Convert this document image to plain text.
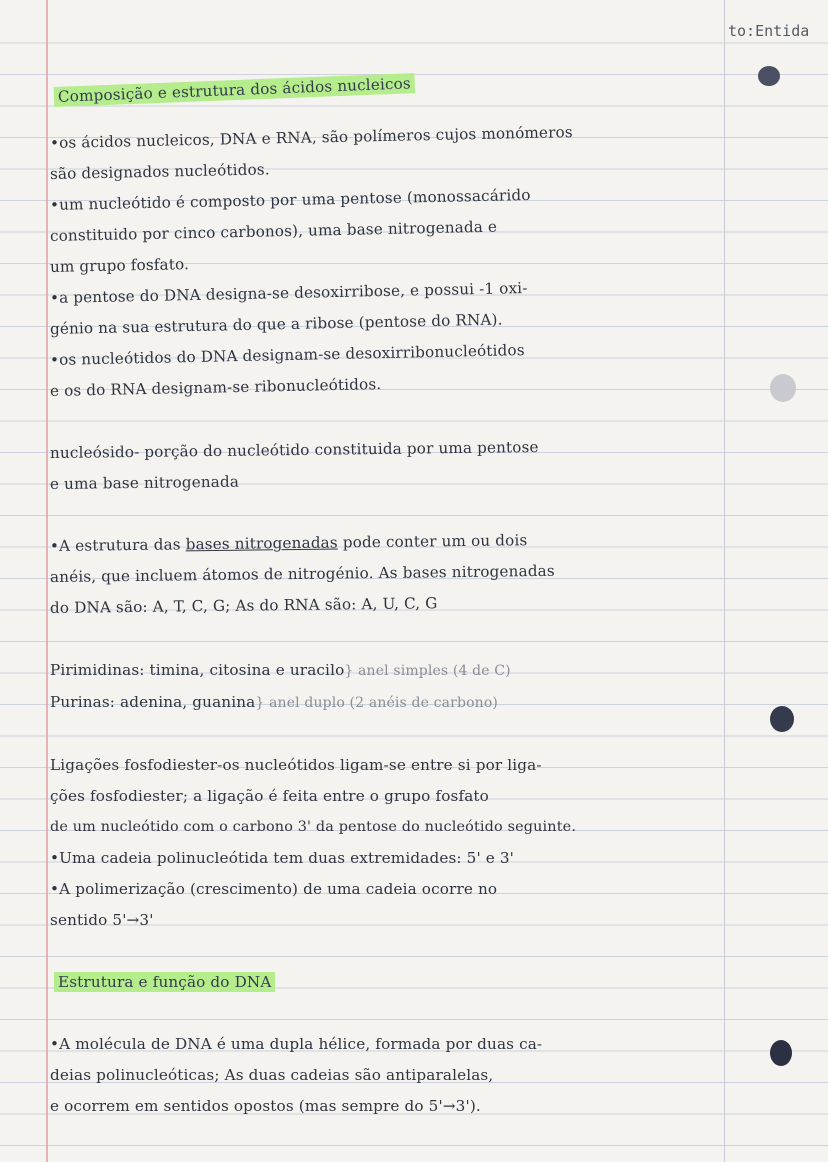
to:Entida
Composição e estrutura dos ácidos nucleicos
•os ácidos nucleicos, DNA e RNA, são polímeros cujos monómeros
são designados nucleótidos.
•um nucleótido é composto por uma pentose (monossacárido
constituido por cinco carbonos), uma base nitrogenada e
um grupo fosfato.
•a pentose do DNA designa-se desoxirribose, e possui -1 oxi-
génio na sua estrutura do que a ribose (pentose do RNA).
•os nucleótidos do DNA designam-se desoxirribonucleótidos
e os do RNA designam-se ribonucleótidos.
nucleósido- porção do nucleótido constituida por uma pentose
e uma base nitrogenada
•A estrutura das bases nitrogenadas pode conter um ou dois
anéis, que incluem átomos de nitrogénio. As bases nitrogenadas
do DNA são: A, T, C, G; As do RNA são: A, U, C, G
Pirimidinas: timina, citosina e uracilo} anel simples (4 de C)
Purinas: adenina, guanina} anel duplo (2 anéis de carbono)
Ligações fosfodiester-os nucleótidos ligam-se entre si por liga-
ções fosfodiester; a ligação é feita entre o grupo fosfato
de um nucleótido com o carbono 3' da pentose do nucleótido seguinte.
•Uma cadeia polinucleótida tem duas extremidades: 5' e 3'
•A polimerização (crescimento) de uma cadeia ocorre no
sentido 5'→3'
Estrutura e função do DNA
•A molécula de DNA é uma dupla hélice, formada por duas ca-
deias polinucleóticas; As duas cadeias são antiparalelas,
e ocorrem em sentidos opostos (mas sempre do 5'→3').
